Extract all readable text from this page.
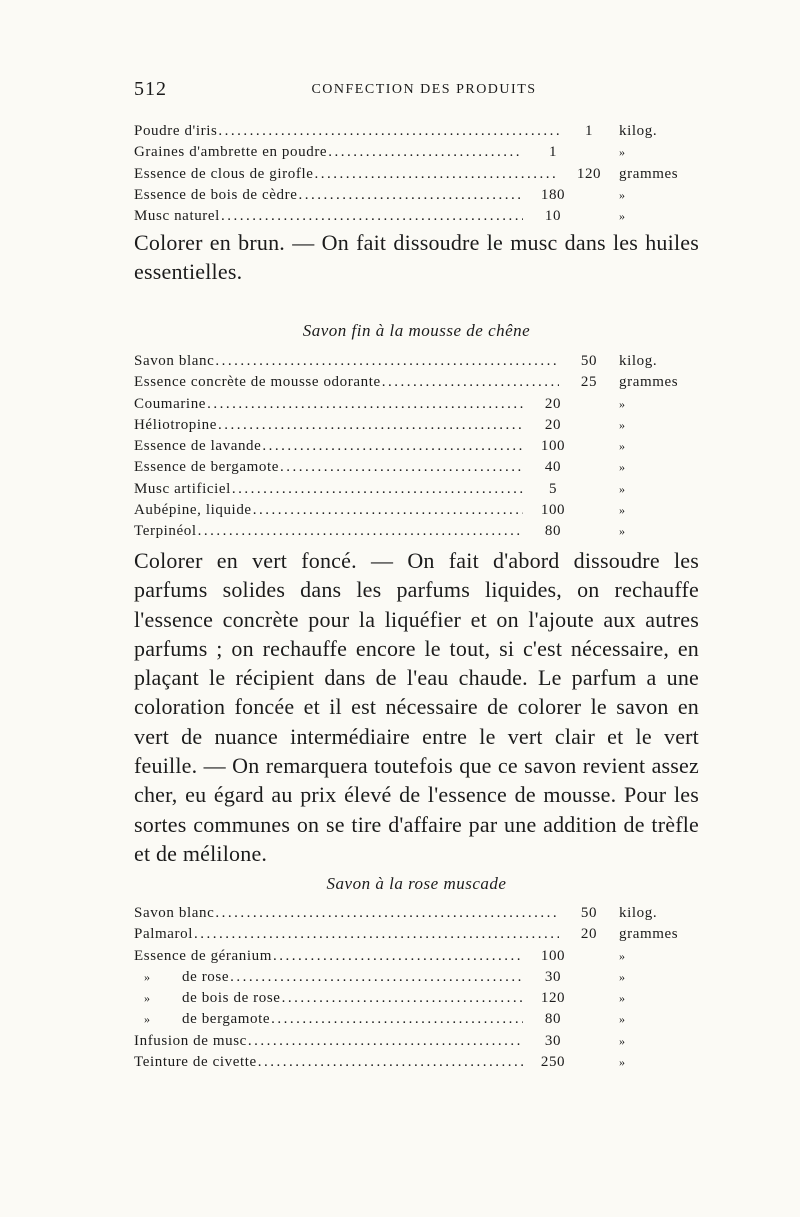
512	CONFECTION DES PRODUITS
Poudre d'iris .....	1	kilog.
Graines d'ambrette en poudre .....	1	»
Essence de clous de girofle .....	120	grammes
Essence de bois de cèdre .....	180	»
Musc naturel .....	10	»

Colorer en brun. — On fait dissoudre le musc dans les huiles essentielles.

Savon fin à la mousse de chêne
Savon blanc .....	50	kilog.
Essence concrète de mousse odorante .....	25	grammes
Coumarine .....	20	»
Héliotropine .....	20	»
Essence de lavande .....	100	»
Essence de bergamote .....	40	»
Musc artificiel .....	5	»
Aubépine, liquide .....	100	»
Terpinéol .....	80	»

Colorer en vert foncé. — On fait d'abord dissoudre les parfums solides dans les parfums liquides, on rechauffe l'essence concrète pour la liquéfier et on l'ajoute aux autres parfums ; on rechauffe encore le tout, si c'est nécessaire, en plaçant le récipient dans de l'eau chaude. Le parfum a une coloration foncée et il est nécessaire de colorer le savon en vert de nuance intermédiaire entre le vert clair et le vert feuille. — On remarquera toutefois que ce savon revient assez cher, eu égard au prix élevé de l'essence de mousse. Pour les sortes communes on se tire d'affaire par une addition de trèfle et de mélilone.

Savon à la rose muscade
Savon blanc .....	50	kilog.
Palmarol .....	20	grammes
Essence de géranium .....	100	»
» de rose .....	30	»
» de bois de rose .....	120	»
» de bergamote .....	80	»
Infusion de musc .....	30	»
Teinture de civette .....	250	»
